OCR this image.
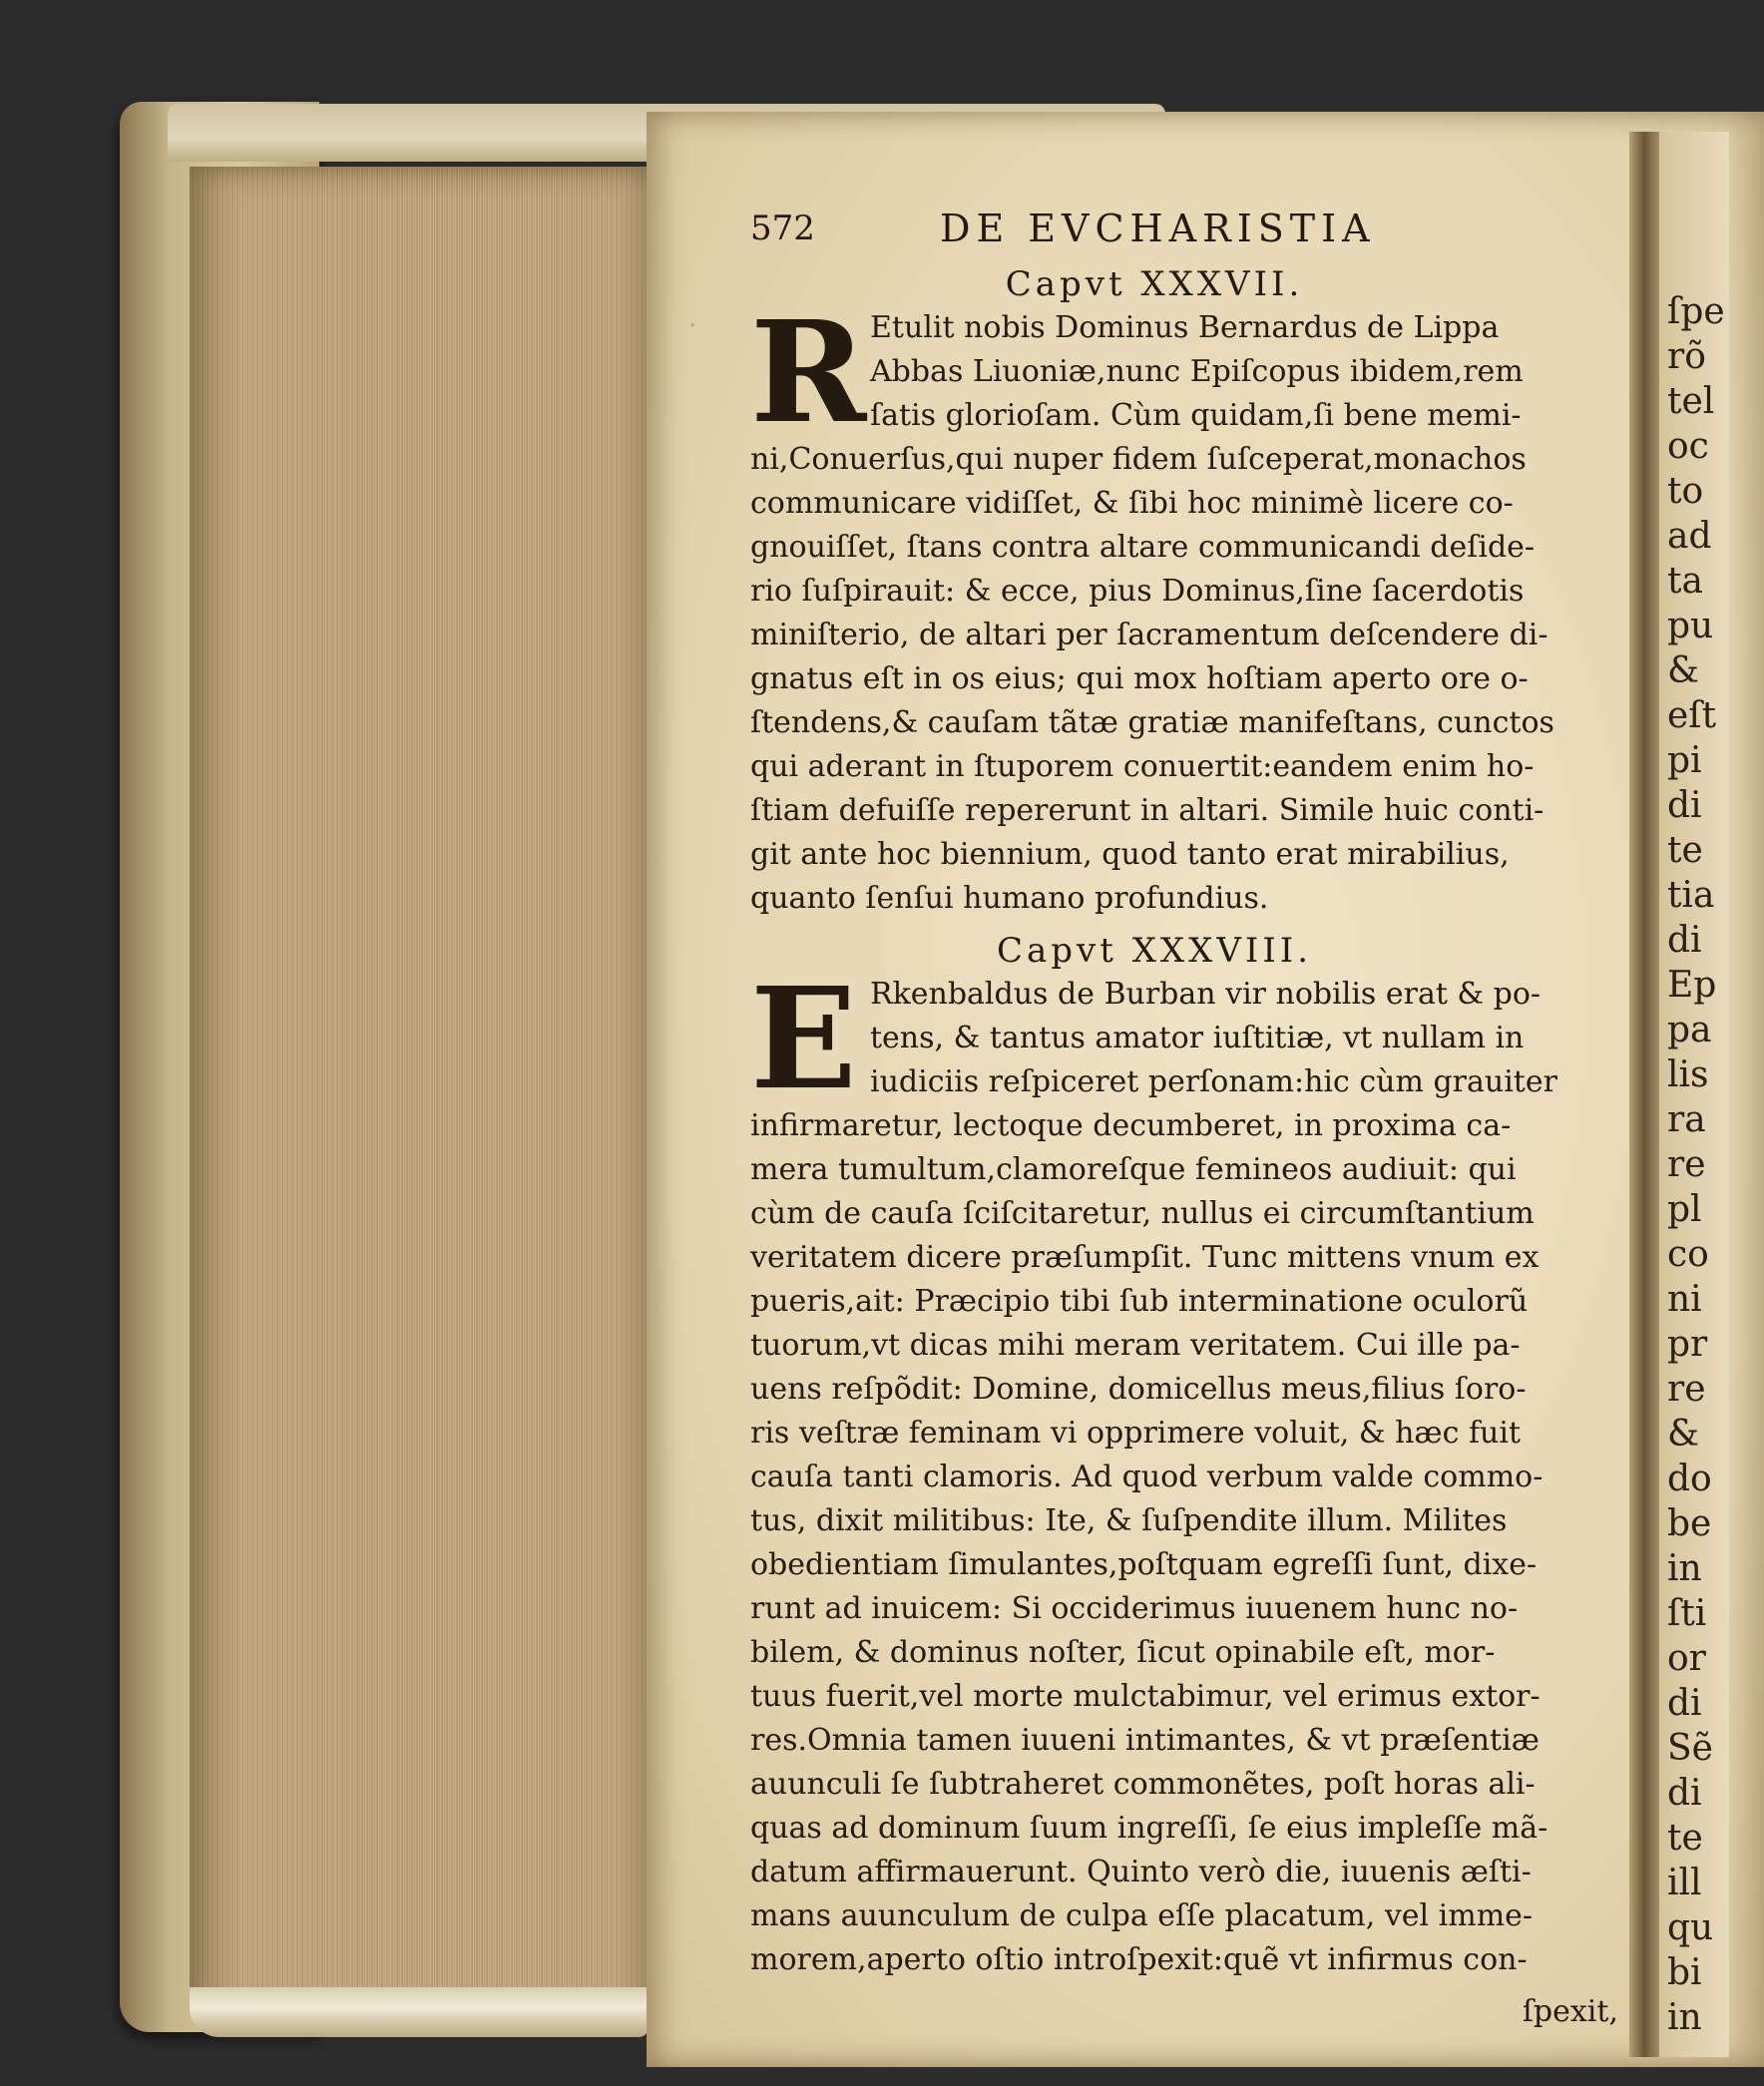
ſpe
rõ
tel
oc
to
ad
ta
pu
&
eſt
pi
di
te
tia
di
Ep
pa
lis
ra
re
pl
co
ni
pr
re
&
do
be
in
ſti
or
di
Sẽ
di
te
ill
qu
bi
in
·
572	DE EVCHARISTIA
Capvt XXXVII.
R Etulit nobis Dominus Bernardus de Lippa
Abbas Liuoniæ,nunc Epiſcopus ibidem,rem
ſatis glorioſam. Cùm quidam,ſi bene memi-
ni,Conuerſus,qui nuper fidem ſuſceperat,monachos
communicare vidiſſet, & ſibi hoc minimè licere co-
gnouiſſet, ſtans contra altare communicandi deſide-
rio ſuſpirauit: & ecce, pius Dominus,ſine ſacerdotis
miniſterio, de altari per ſacramentum deſcendere di-
gnatus eſt in os eius; qui mox hoſtiam aperto ore o-
ſtendens,& cauſam tãtæ gratiæ manifeſtans, cunctos
qui aderant in ſtuporem conuertit:eandem enim ho-
ſtiam defuiſſe repererunt in altari. Simile huic conti-
git ante hoc biennium, quod tanto erat mirabilius,
quanto ſenſui humano profundius.
Capvt XXXVIII.
E Rkenbaldus de Burban vir nobilis erat & po-
tens, & tantus amator iuſtitiæ, vt nullam in
iudiciis reſpiceret perſonam:hic cùm grauiter
infirmaretur, lectoque decumberet, in proxima ca-
mera tumultum,clamoreſque femineos audiuit: qui
cùm de cauſa ſciſcitaretur, nullus ei circumſtantium
veritatem dicere præſumpſit. Tunc mittens vnum ex
pueris,ait: Præcipio tibi ſub interminatione oculorũ
tuorum,vt dicas mihi meram veritatem. Cui ille pa-
uens reſpõdit: Domine, domicellus meus,filius ſoro-
ris veſtræ feminam vi opprimere voluit, & hæc fuit
cauſa tanti clamoris. Ad quod verbum valde commo-
tus, dixit militibus: Ite, & ſuſpendite illum. Milites
obedientiam ſimulantes,poſtquam egreſſi ſunt, dixe-
runt ad inuicem: Si occiderimus iuuenem hunc no-
bilem, & dominus noſter, ſicut opinabile eſt, mor-
tuus fuerit,vel morte mulctabimur, vel erimus extor-
res.Omnia tamen iuueni intimantes, & vt præſentiæ
auunculi ſe ſubtraheret commonẽtes, poſt horas ali-
quas ad dominum ſuum ingreſſi, ſe eius impleſſe mã-
datum affirmauerunt. Quinto verò die, iuuenis æſti-
mans auunculum de culpa eſſe placatum, vel imme-
morem,aperto oſtio introſpexit:quẽ vt infirmus con-
ſpexit,
